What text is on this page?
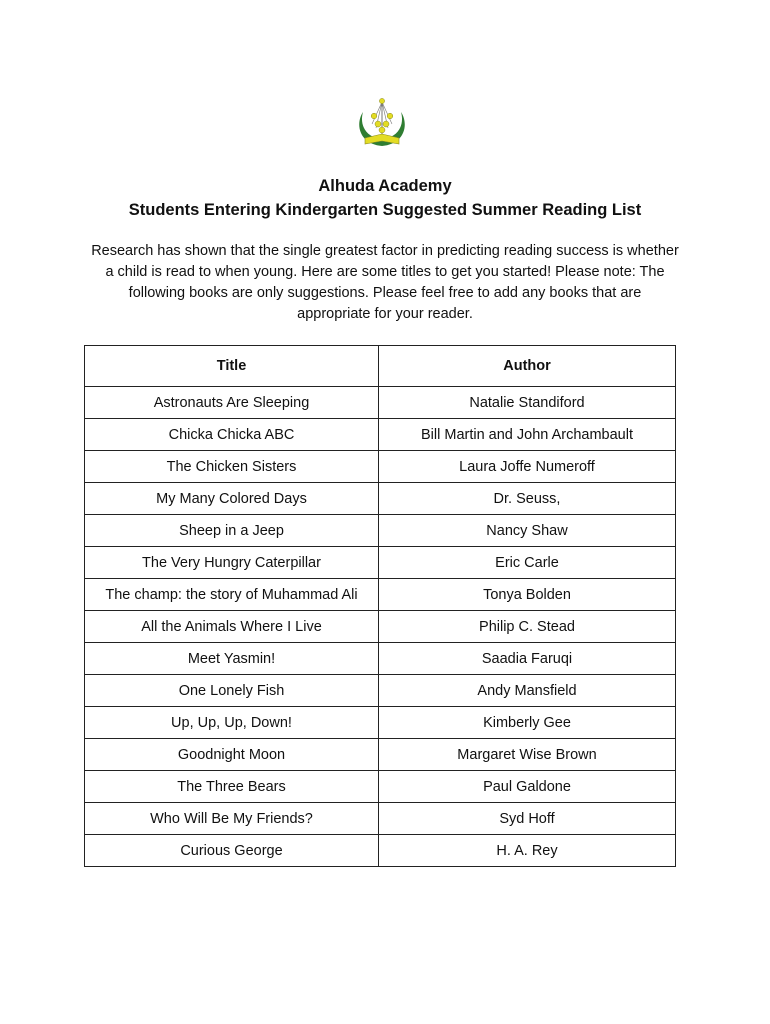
Alhuda Academy

Students Entering Kindergarten Suggested Summer Reading List

Research has shown that the single greatest factor in predicting reading success is whether a child is read to when young. Here are some titles to get you started! Please note: The following books are only suggestions. Please feel free to add any books that are appropriate for your reader.

Title	Author
Astronauts Are Sleeping	Natalie Standiford
Chicka Chicka ABC	Bill Martin and John Archambault
The Chicken Sisters	Laura Joffe Numeroff
My Many Colored Days	Dr. Seuss,
Sheep in a Jeep	Nancy Shaw
The Very Hungry Caterpillar	Eric Carle
The champ: the story of Muhammad Ali	Tonya Bolden
All the Animals Where I Live	Philip C. Stead
Meet Yasmin!	Saadia Faruqi
One Lonely Fish	Andy Mansfield
Up, Up, Up, Down!	Kimberly Gee
Goodnight Moon	Margaret Wise Brown
The Three Bears	Paul Galdone
Who Will Be My Friends?	Syd Hoff
Curious George	H. A. Rey
